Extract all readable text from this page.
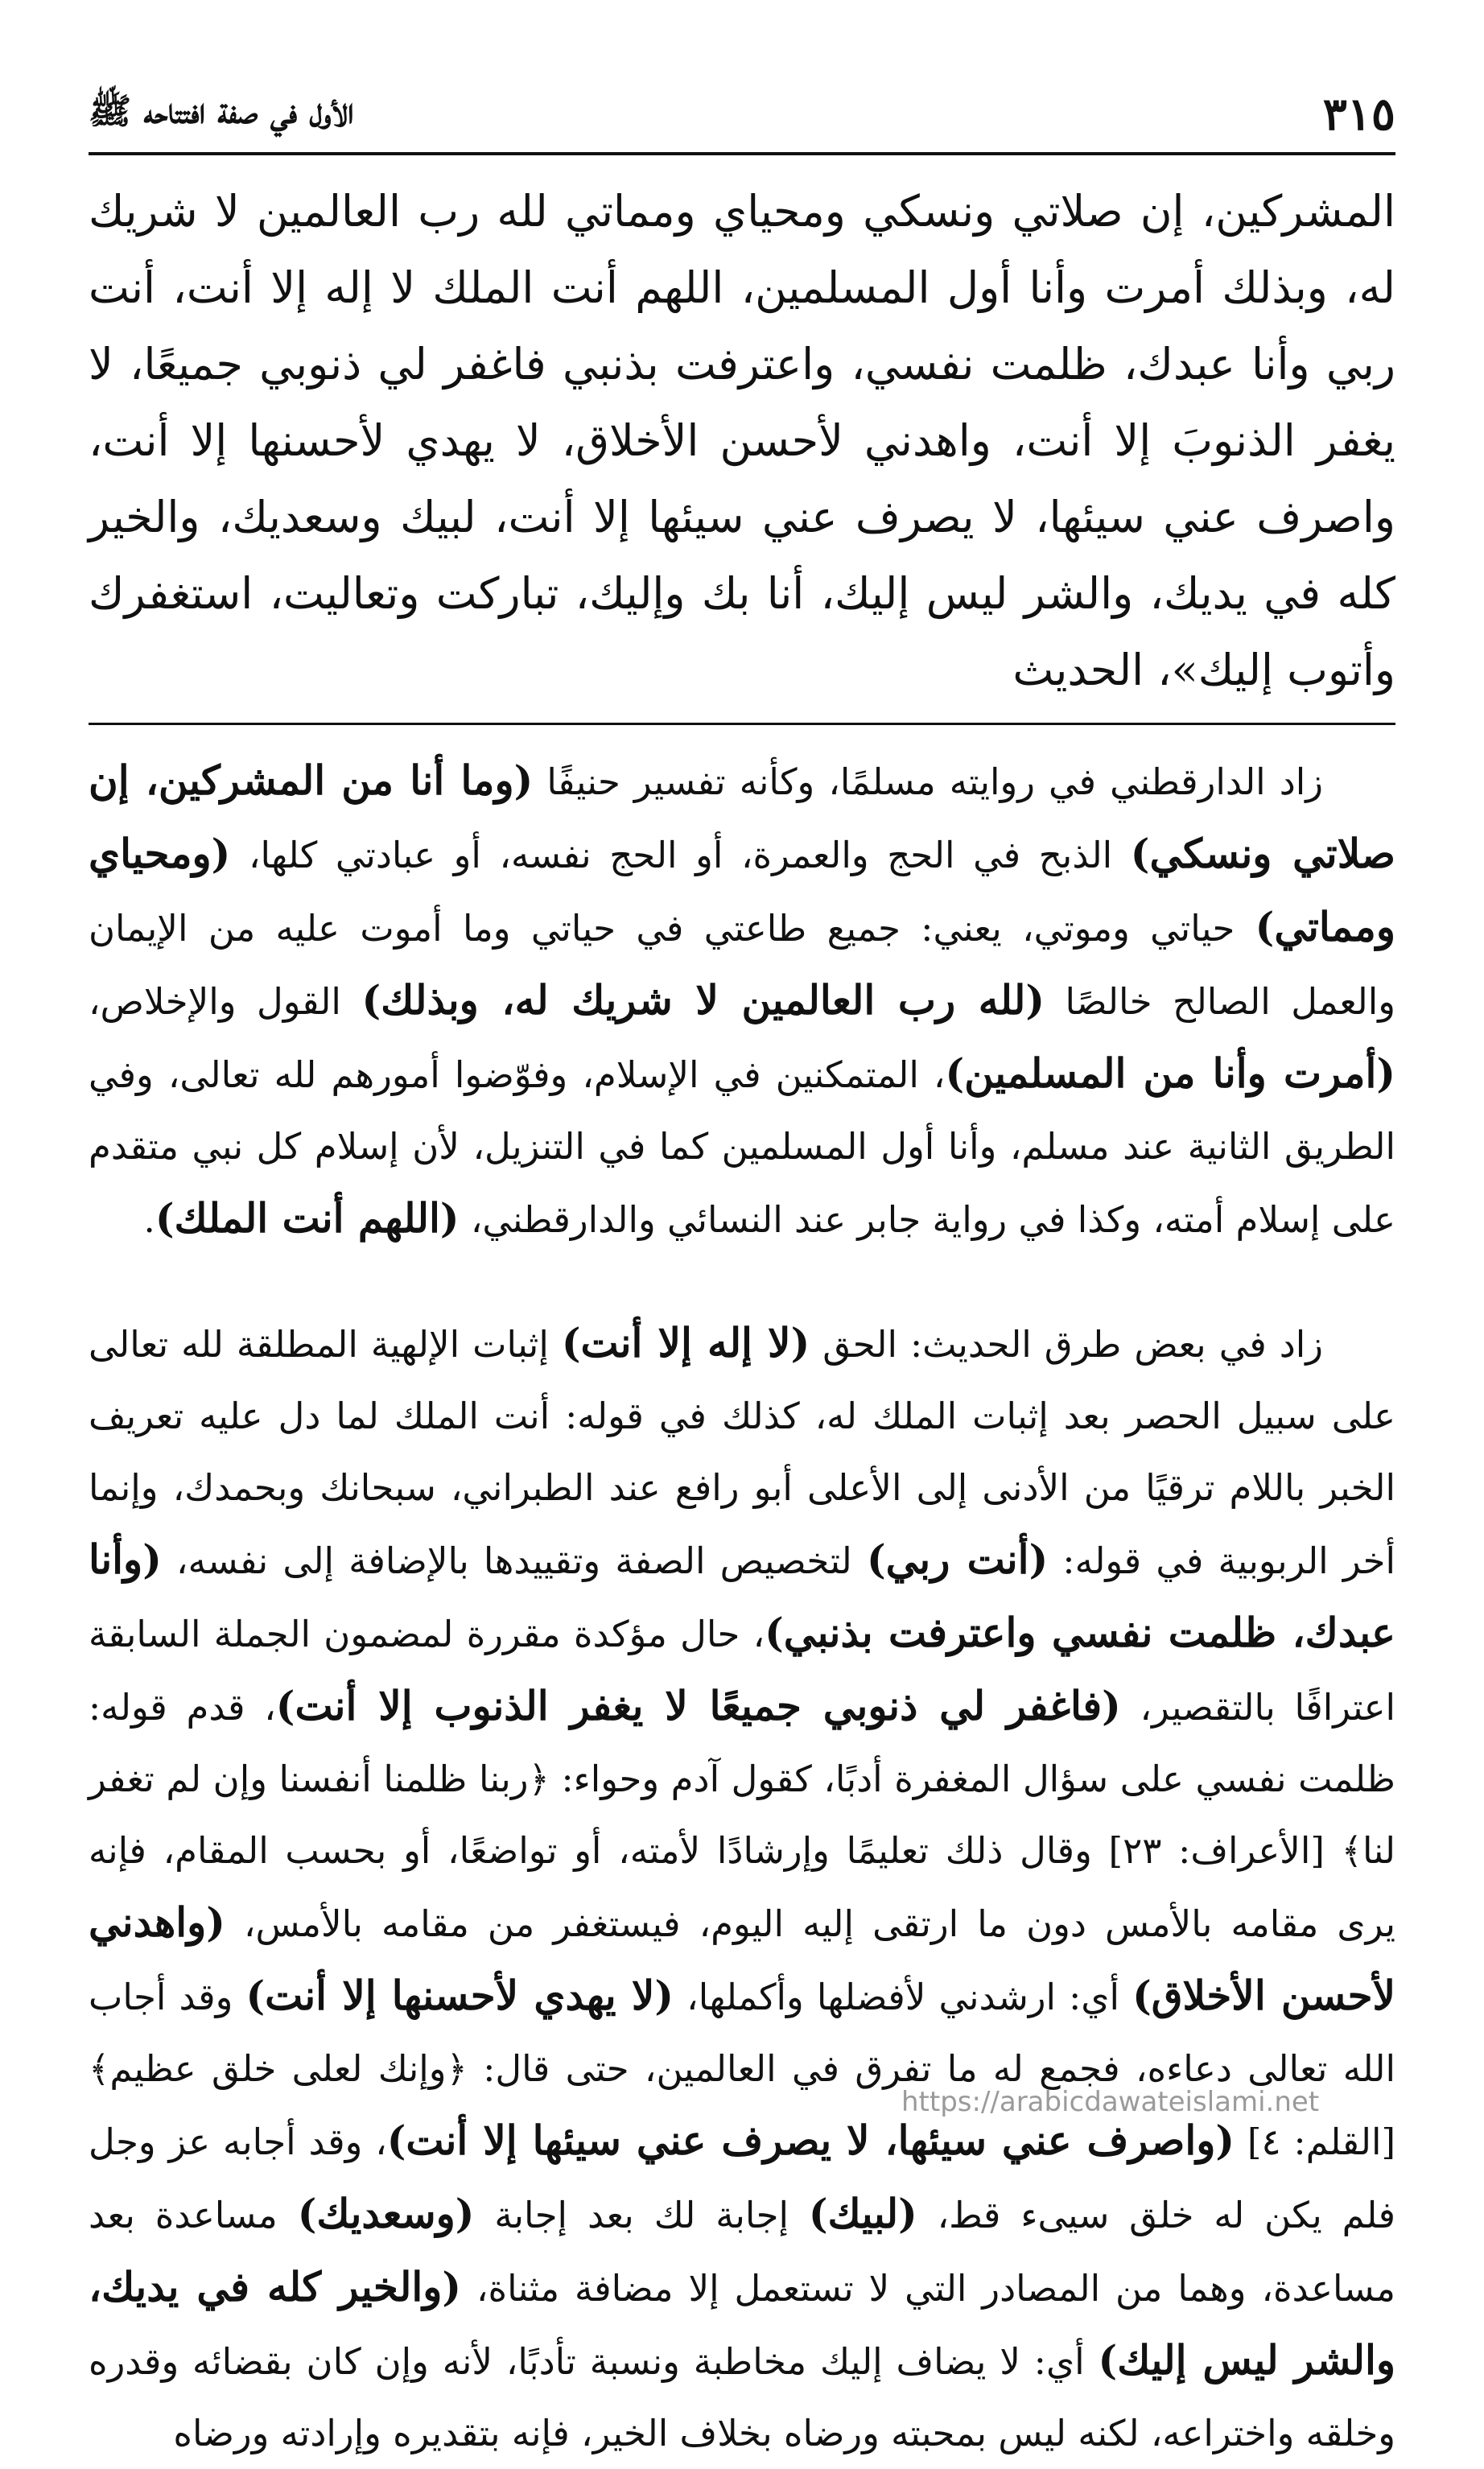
٣١٥
الأول في صفة افتتاحه ﷺ
المشركين، إن صلاتي ونسكي ومحياي ومماتي لله رب العالمين لا شريك له، وبذلك أمرت وأنا أول المسلمين، اللهم أنت الملك لا إله إلا أنت، أنت ربي وأنا عبدك، ظلمت نفسي، واعترفت بذنبي فاغفر لي ذنوبي جميعًا، لا يغفر الذنوبَ إلا أنت، واهدني لأحسن الأخلاق، لا يهدي لأحسنها إلا أنت، واصرف عني سيئها، لا يصرف عني سيئها إلا أنت، لبيك وسعديك، والخير كله في يديك، والشر ليس إليك، أنا بك وإليك، تباركت وتعاليت، استغفرك وأتوب إليك»، الحديث

زاد الدارقطني في روايته مسلمًا، وكأنه تفسير حنيفًا (وما أنا من المشركين، إن صلاتي ونسكي) الذبح في الحج والعمرة، أو الحج نفسه، أو عبادتي كلها، (ومحياي ومماتي) حياتي وموتي، يعني: جميع طاعتي في حياتي وما أموت عليه من الإيمان والعمل الصالح خالصًا (لله رب العالمين لا شريك له، وبذلك) القول والإخلاص، (أمرت وأنا من المسلمين)، المتمكنين في الإسلام، وفوّضوا أمورهم لله تعالى، وفي الطريق الثانية عند مسلم، وأنا أول المسلمين كما في التنزيل، لأن إسلام كل نبي متقدم على إسلام أمته، وكذا في رواية جابر عند النسائي والدارقطني، (اللهم أنت الملك).

زاد في بعض طرق الحديث: الحق (لا إله إلا أنت) إثبات الإلهية المطلقة لله تعالى على سبيل الحصر بعد إثبات الملك له، كذلك في قوله: أنت الملك لما دل عليه تعريف الخبر باللام ترقيًا من الأدنى إلى الأعلى أبو رافع عند الطبراني، سبحانك وبحمدك، وإنما أخر الربوبية في قوله: (أنت ربي) لتخصيص الصفة وتقييدها بالإضافة إلى نفسه، (وأنا عبدك، ظلمت نفسي واعترفت بذنبي)، حال مؤكدة مقررة لمضمون الجملة السابقة اعترافًا بالتقصير، (فاغفر لي ذنوبي جميعًا لا يغفر الذنوب إلا أنت)، قدم قوله: ظلمت نفسي على سؤال المغفرة أدبًا، كقول آدم وحواء: ﴿ربنا ظلمنا أنفسنا وإن لم تغفر لنا﴾ [الأعراف: ٢٣] وقال ذلك تعليمًا وإرشادًا لأمته، أو تواضعًا، أو بحسب المقام، فإنه يرى مقامه بالأمس دون ما ارتقى إليه اليوم، فيستغفر من مقامه بالأمس، (واهدني لأحسن الأخلاق) أي: ارشدني لأفضلها وأكملها، (لا يهدي لأحسنها إلا أنت) وقد أجاب الله تعالى دعاءه، فجمع له ما تفرق في العالمين، حتى قال: ﴿وإنك لعلى خلق عظيم﴾ [القلم: ٤] (واصرف عني سيئها، لا يصرف عني سيئها إلا أنت)، وقد أجابه عز وجل فلم يكن له خلق سيىء قط، (لبيك) إجابة لك بعد إجابة (وسعديك) مساعدة بعد مساعدة، وهما من المصادر التي لا تستعمل إلا مضافة مثناة، (والخير كله في يديك، والشر ليس إليك) أي: لا يضاف إليك مخاطبة ونسبة تأدبًا، لأنه وإن كان بقضائه وقدره وخلقه واختراعه، لكنه ليس بمحبته ورضاه بخلاف الخير، فإنه بتقديره وإرادته ورضاه

https://arabicdawateislami.net
